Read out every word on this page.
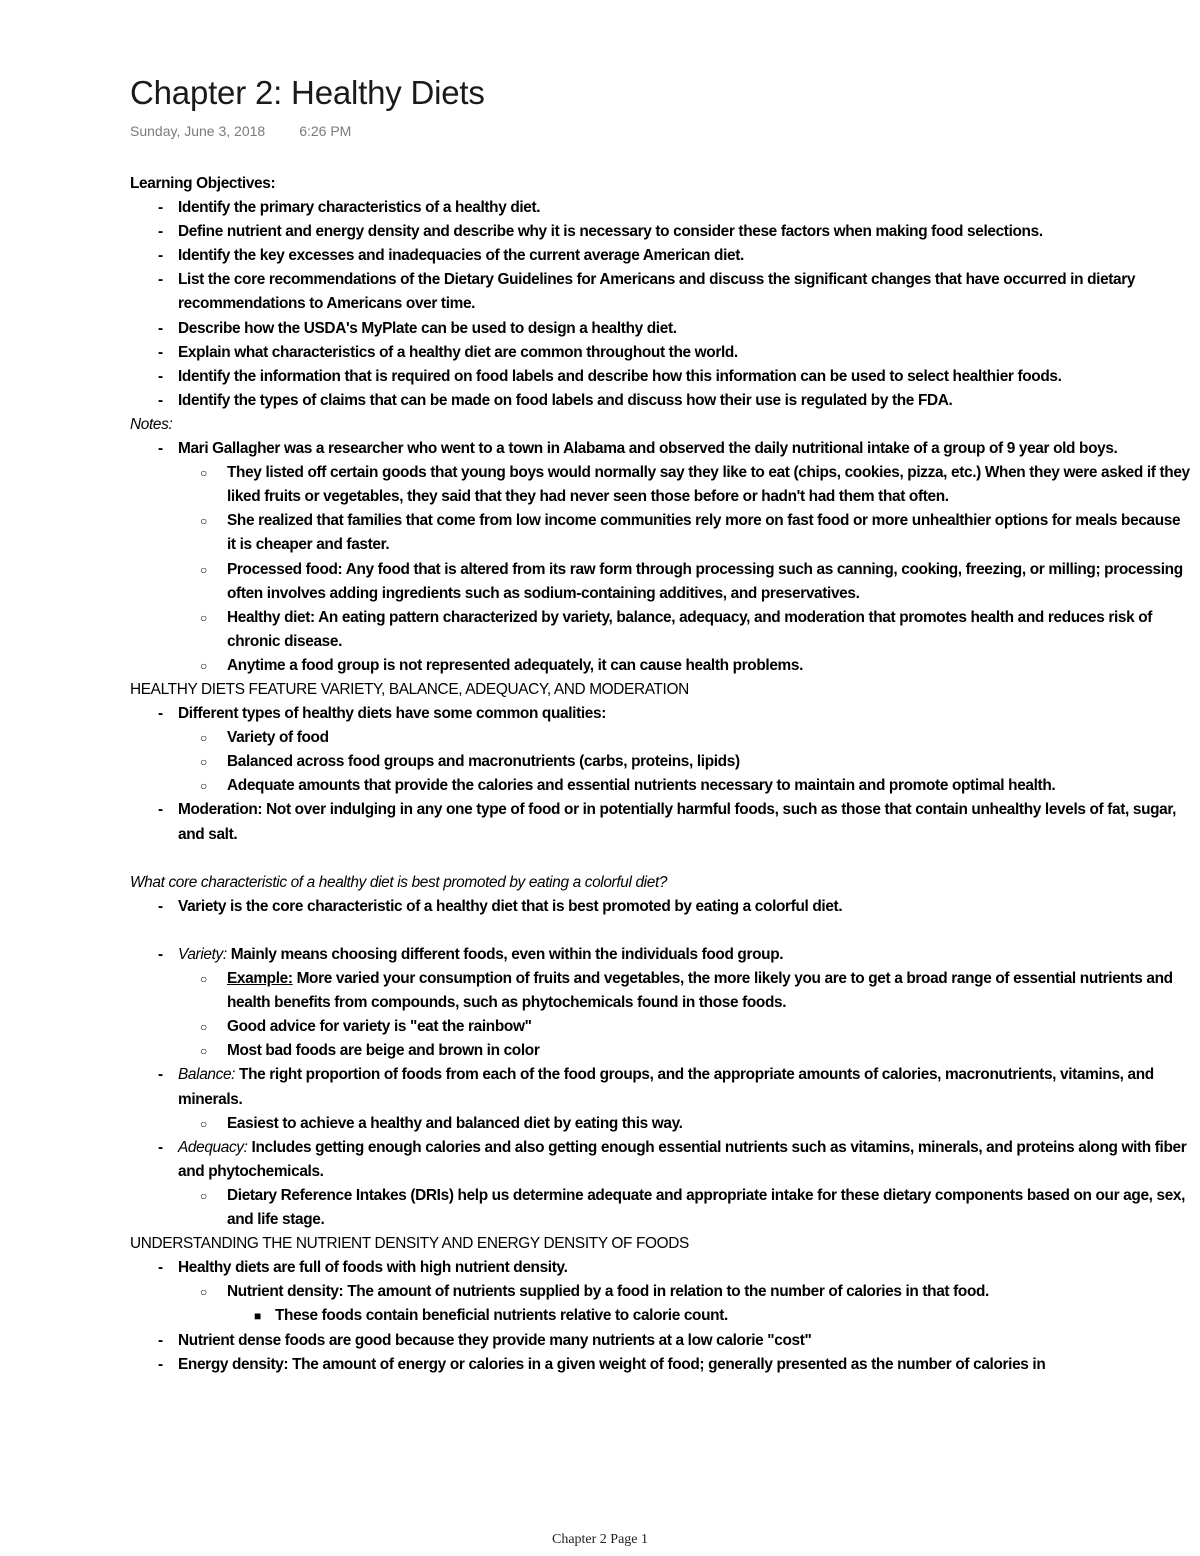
Chapter 2: Healthy Diets
Sunday, June 3, 2018 6:26 PM
Learning Objectives:
- Identify the primary characteristics of a healthy diet.
- Define nutrient and energy density and describe why it is necessary to consider these factors when making food selections.
- Identify the key excesses and inadequacies of the current average American diet.
- List the core recommendations of the Dietary Guidelines for Americans and discuss the significant changes that have occurred in dietary recommendations to Americans over time.
- Describe how the USDA's MyPlate can be used to design a healthy diet.
- Explain what characteristics of a healthy diet are common throughout the world.
- Identify the information that is required on food labels and describe how this information can be used to select healthier foods.
- Identify the types of claims that can be made on food labels and discuss how their use is regulated by the FDA.
Notes:
- Mari Gallagher was a researcher who went to a town in Alabama and observed the daily nutritional intake of a group of 9 year old boys.
○ They listed off certain goods that young boys would normally say they like to eat (chips, cookies, pizza, etc.) When they were asked if they liked fruits or vegetables, they said that they had never seen those before or hadn't had them that often.
○ She realized that families that come from low income communities rely more on fast food or more unhealthier options for meals because it is cheaper and faster.
○ Processed food: Any food that is altered from its raw form through processing such as canning, cooking, freezing, or milling; processing often involves adding ingredients such as sodium-containing additives, and preservatives.
○ Healthy diet: An eating pattern characterized by variety, balance, adequacy, and moderation that promotes health and reduces risk of chronic disease.
○ Anytime a food group is not represented adequately, it can cause health problems.
HEALTHY DIETS FEATURE VARIETY, BALANCE, ADEQUACY, AND MODERATION
- Different types of healthy diets have some common qualities:
○ Variety of food
○ Balanced across food groups and macronutrients (carbs, proteins, lipids)
○ Adequate amounts that provide the calories and essential nutrients necessary to maintain and promote optimal health.
- Moderation: Not over indulging in any one type of food or in potentially harmful foods, such as those that contain unhealthy levels of fat, sugar, and salt.
What core characteristic of a healthy diet is best promoted by eating a colorful diet?
- Variety is the core characteristic of a healthy diet that is best promoted by eating a colorful diet.
- Variety: Mainly means choosing different foods, even within the individuals food group.
○ Example: More varied your consumption of fruits and vegetables, the more likely you are to get a broad range of essential nutrients and health benefits from compounds, such as phytochemicals found in those foods.
○ Good advice for variety is "eat the rainbow"
○ Most bad foods are beige and brown in color
- Balance: The right proportion of foods from each of the food groups, and the appropriate amounts of calories, macronutrients, vitamins, and minerals.
○ Easiest to achieve a healthy and balanced diet by eating this way.
- Adequacy: Includes getting enough calories and also getting enough essential nutrients such as vitamins, minerals, and proteins along with fiber and phytochemicals.
○ Dietary Reference Intakes (DRIs) help us determine adequate and appropriate intake for these dietary components based on our age, sex, and life stage.
UNDERSTANDING THE NUTRIENT DENSITY AND ENERGY DENSITY OF FOODS
- Healthy diets are full of foods with high nutrient density.
○ Nutrient density: The amount of nutrients supplied by a food in relation to the number of calories in that food.
■ These foods contain beneficial nutrients relative to calorie count.
- Nutrient dense foods are good because they provide many nutrients at a low calorie "cost"
- Energy density: The amount of energy or calories in a given weight of food; generally presented as the number of calories in
Chapter 2 Page 1
